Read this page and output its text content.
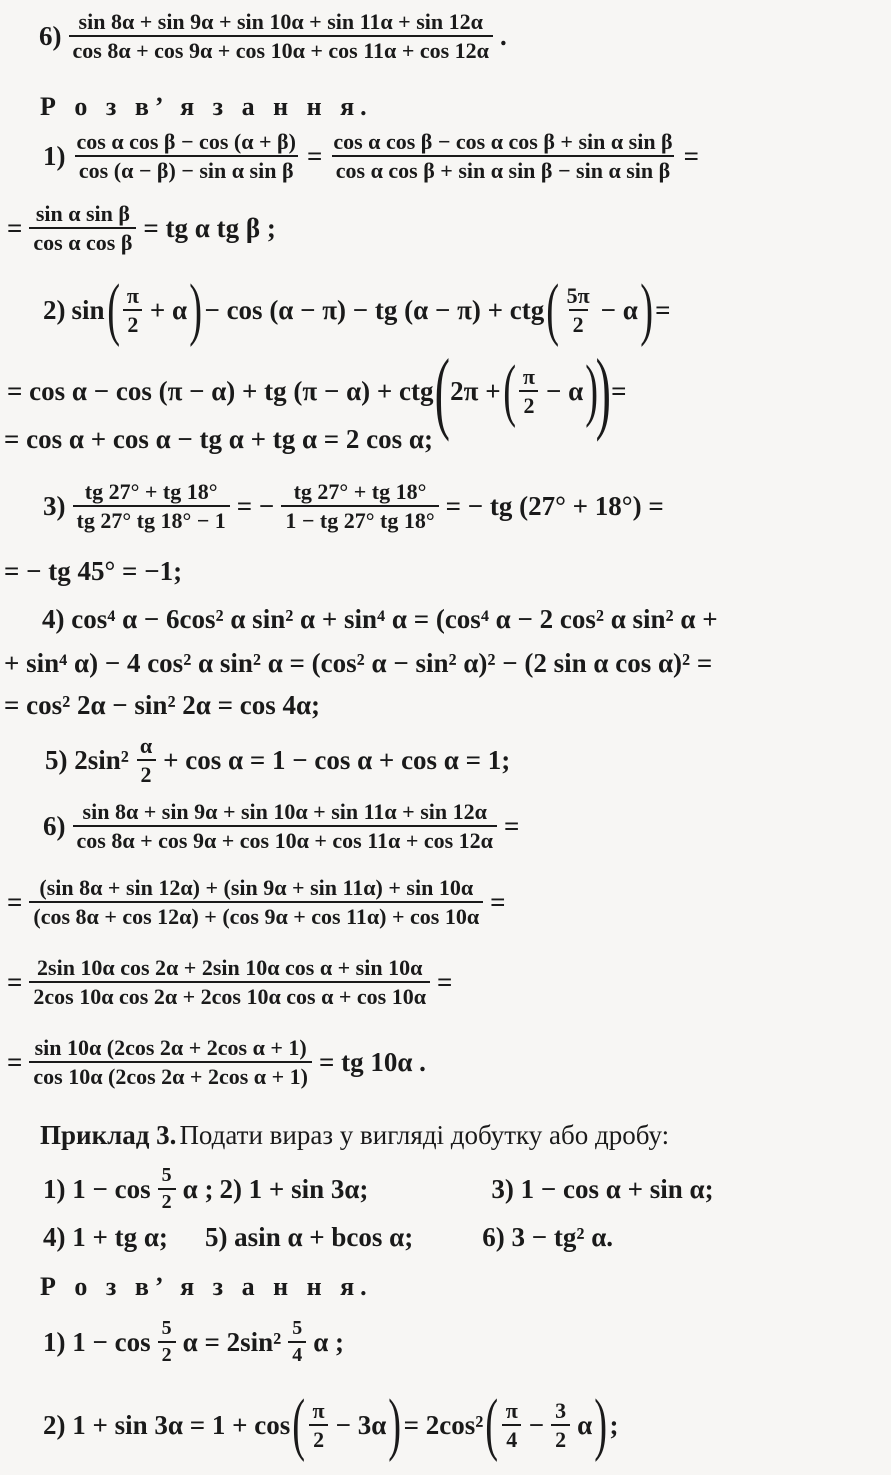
$6) \frac{\sin 8\alpha + \sin 9\alpha + \sin 10\alpha + \sin 11\alpha + \sin 12\alpha}{\cos 8\alpha + \cos 9\alpha + \cos 10\alpha + \cos 11\alpha + \cos 12\alpha}$ .
Р о з в’ я з а н н я.
$1) \frac{\text{cos α cos β − cos (α + β)}}{\text{cos (α − β) − sin α sin β}} = \frac{\text{cos α cos β − cos α cos β + sin α sin β}}{\text{cos α cos β + sin α sin β − sin α sin β}}$ =
= $\frac{\text{sin α sin β}}{\text{cos α cos β}}$ = tg α tg β ;
2) sin ( $\frac{\pi}{2} + \alpha$ ) − cos (α − π) − tg (α − π) + ctg ( $\frac{5\pi}{2} - \alpha$ ) =
= cos α − cos (π − α) + tg (π − α) + ctg ( 2π + ( $\frac{\pi}{2} - \alpha$ )
) =
= cos α + cos α − tg α + tg α = 2 cos α;
$3) \frac{tg 27^\circ + tg 18^\circ}{tg 27^\circ tg 18^\circ - 1}$ = − $\frac{tg 27^\circ + tg 18^\circ}{1 - tg 27^\circ tg 18^\circ}$ = − tg (27° + 18°) =
= − tg 45° = −1;
4) cos⁴ α − 6cos² α sin² α + sin⁴ α = (cos⁴ α − 2 cos² α sin² α +
+ sin⁴ α) − 4 cos² α sin² α = (cos² α − sin² α)² − (2 sin α cos α)² =
= cos² 2α − sin² 2α = cos 4α;
5) $2\sin^2 \frac{\alpha}{2} + \cos \alpha = 1 - \cos \alpha + \cos \alpha = 1$;
$6) \frac{\sin 8\alpha + \sin 9\alpha + \sin 10\alpha + \sin 11\alpha + \sin 12\alpha}{\cos 8\alpha + \cos 9\alpha + \cos 10\alpha + \cos 11\alpha + \cos 12\alpha}$ =
= $\frac{(\sin 8\alpha + \sin 12\alpha) + (\sin 9\alpha + \sin 11\alpha) + \sin 10\alpha}{(\cos 8\alpha + \cos 12\alpha) + (\cos 9\alpha + \cos 11\alpha) + \cos 10\alpha}$ =
= $\frac{\text{2sin 10α cos 2α + 2sin 10α cos α + sin 10α}}{\text{2cos 10α cos 2α + 2cos 10α cos α + cos 10α}}$ =
= $\frac{\text{sin 10α (2cos 2α + 2cos α + 1)}}{\text{cos 10α (2cos 2α + 2cos α + 1)}}$ = tg 10α .
Приклад 3. Подати вираз у вигляді добутку або дробу:
1) $1 - \cos \frac{5}{2}$ α ; 2) 1 + sin 3α;	3) 1 − cos α + sin α;
4) 1 + tg α; 5) asin α + bcos α;	6) 3 − tg² α.
Р о з в’ я з а н н я.
1) $1 - \cos \frac{5}{2}$ $\alpha = 2\sin^2 \frac{5}{4}$ α ;
2) 1 + sin 3α = 1 + cos ( $\frac{\pi}{2} - 3\alpha$ ) = 2cos² ( $\frac{\pi}{4} - \frac{3}{2}$ α ) ;
